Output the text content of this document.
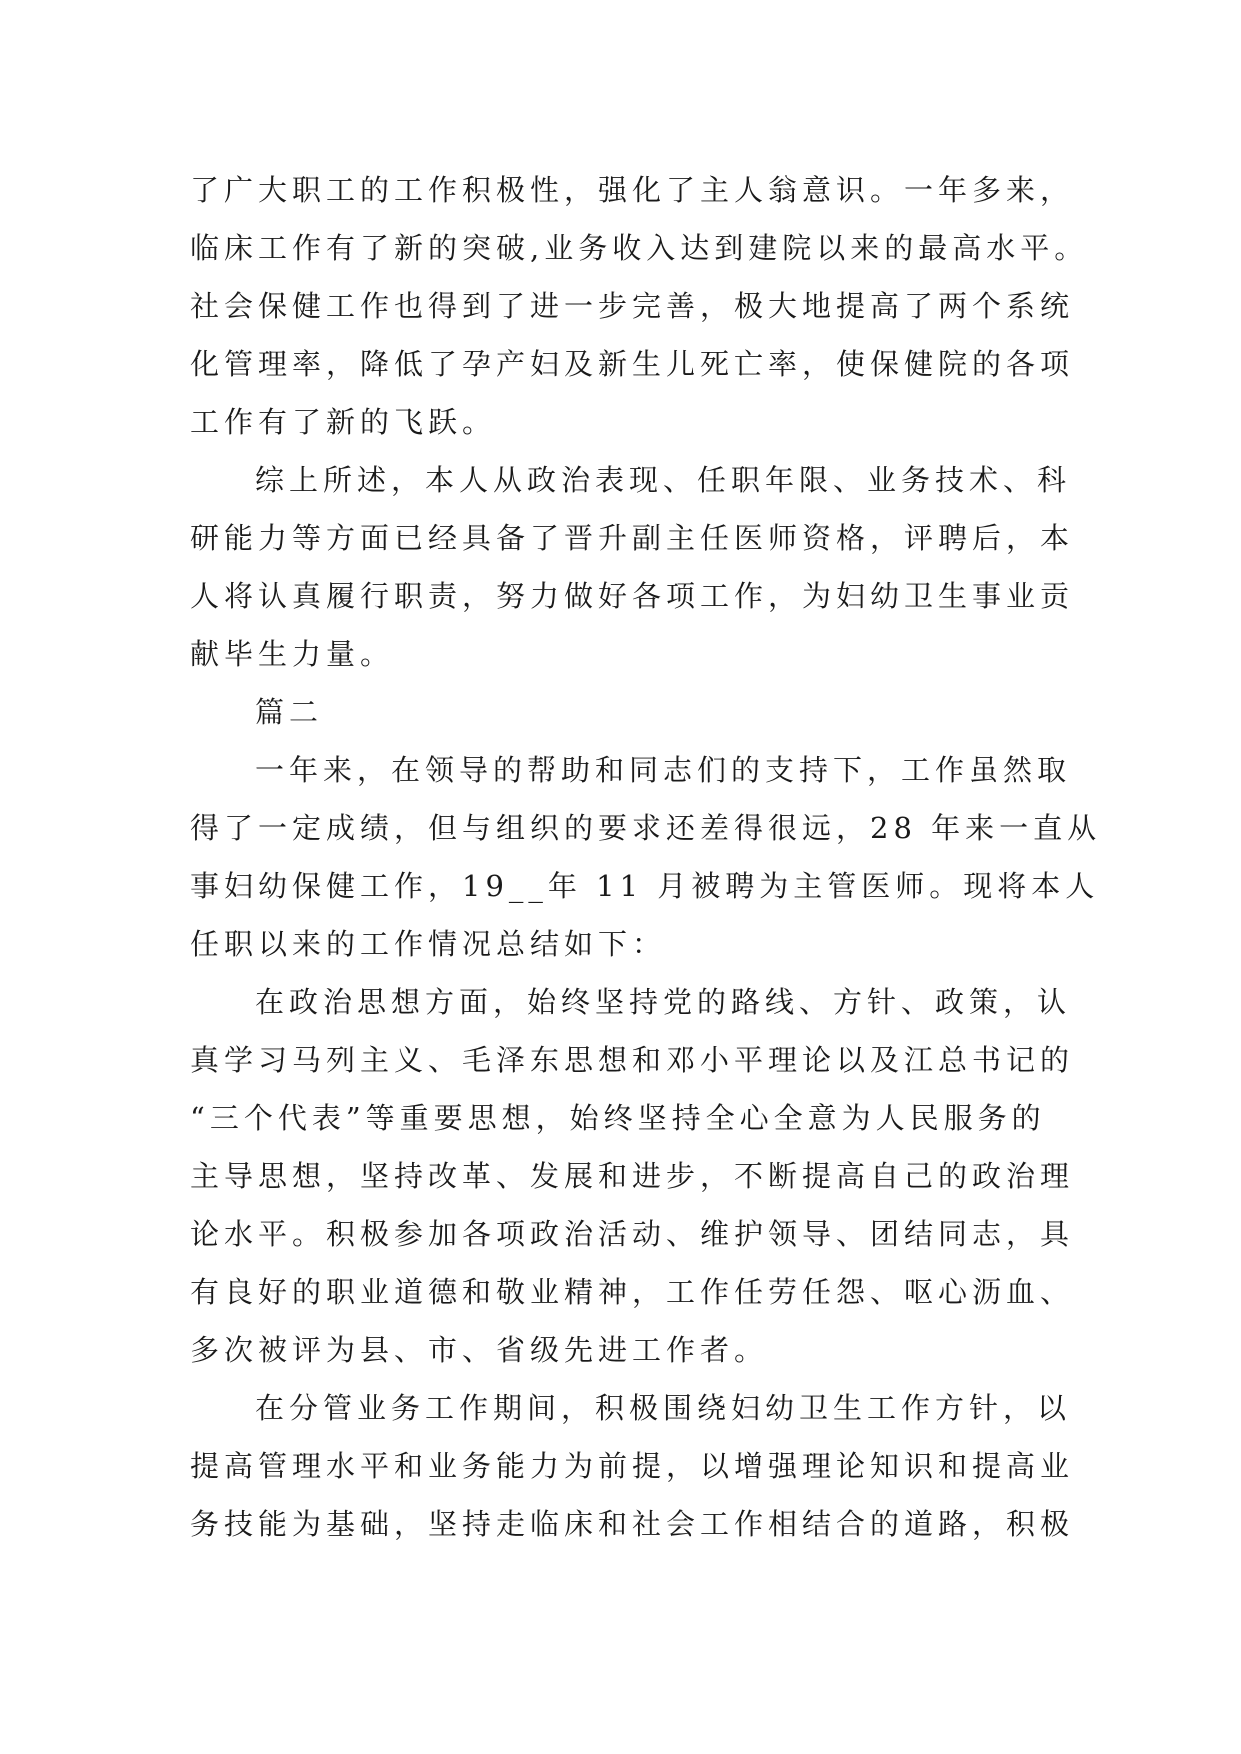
了广大职工的工作积极性，强化了主人翁意识。一年多来，
临床工作有了新的突破,业务收入达到建院以来的最高水平。
社会保健工作也得到了进一步完善，极大地提高了两个系统
化管理率，降低了孕产妇及新生儿死亡率，使保健院的各项
工作有了新的飞跃。
综上所述，本人从政治表现、任职年限、业务技术、科
研能力等方面已经具备了晋升副主任医师资格，评聘后，本
人将认真履行职责，努力做好各项工作，为妇幼卫生事业贡
献毕生力量。
篇二
一年来，在领导的帮助和同志们的支持下，工作虽然取
得了一定成绩，但与组织的要求还差得很远，28 年来一直从
事妇幼保健工作，19__年 11 月被聘为主管医师。现将本人
任职以来的工作情况总结如下：
在政治思想方面，始终坚持党的路线、方针、政策，认
真学习马列主义、毛泽东思想和邓小平理论以及江总书记的
“三个代表”等重要思想，始终坚持全心全意为人民服务的
主导思想，坚持改革、发展和进步，不断提高自己的政治理
论水平。积极参加各项政治活动、维护领导、团结同志，具
有良好的职业道德和敬业精神，工作任劳任怨、呕心沥血、
多次被评为县、市、省级先进工作者。
在分管业务工作期间，积极围绕妇幼卫生工作方针，以
提高管理水平和业务能力为前提，以增强理论知识和提高业
务技能为基础，坚持走临床和社会工作相结合的道路，积极
